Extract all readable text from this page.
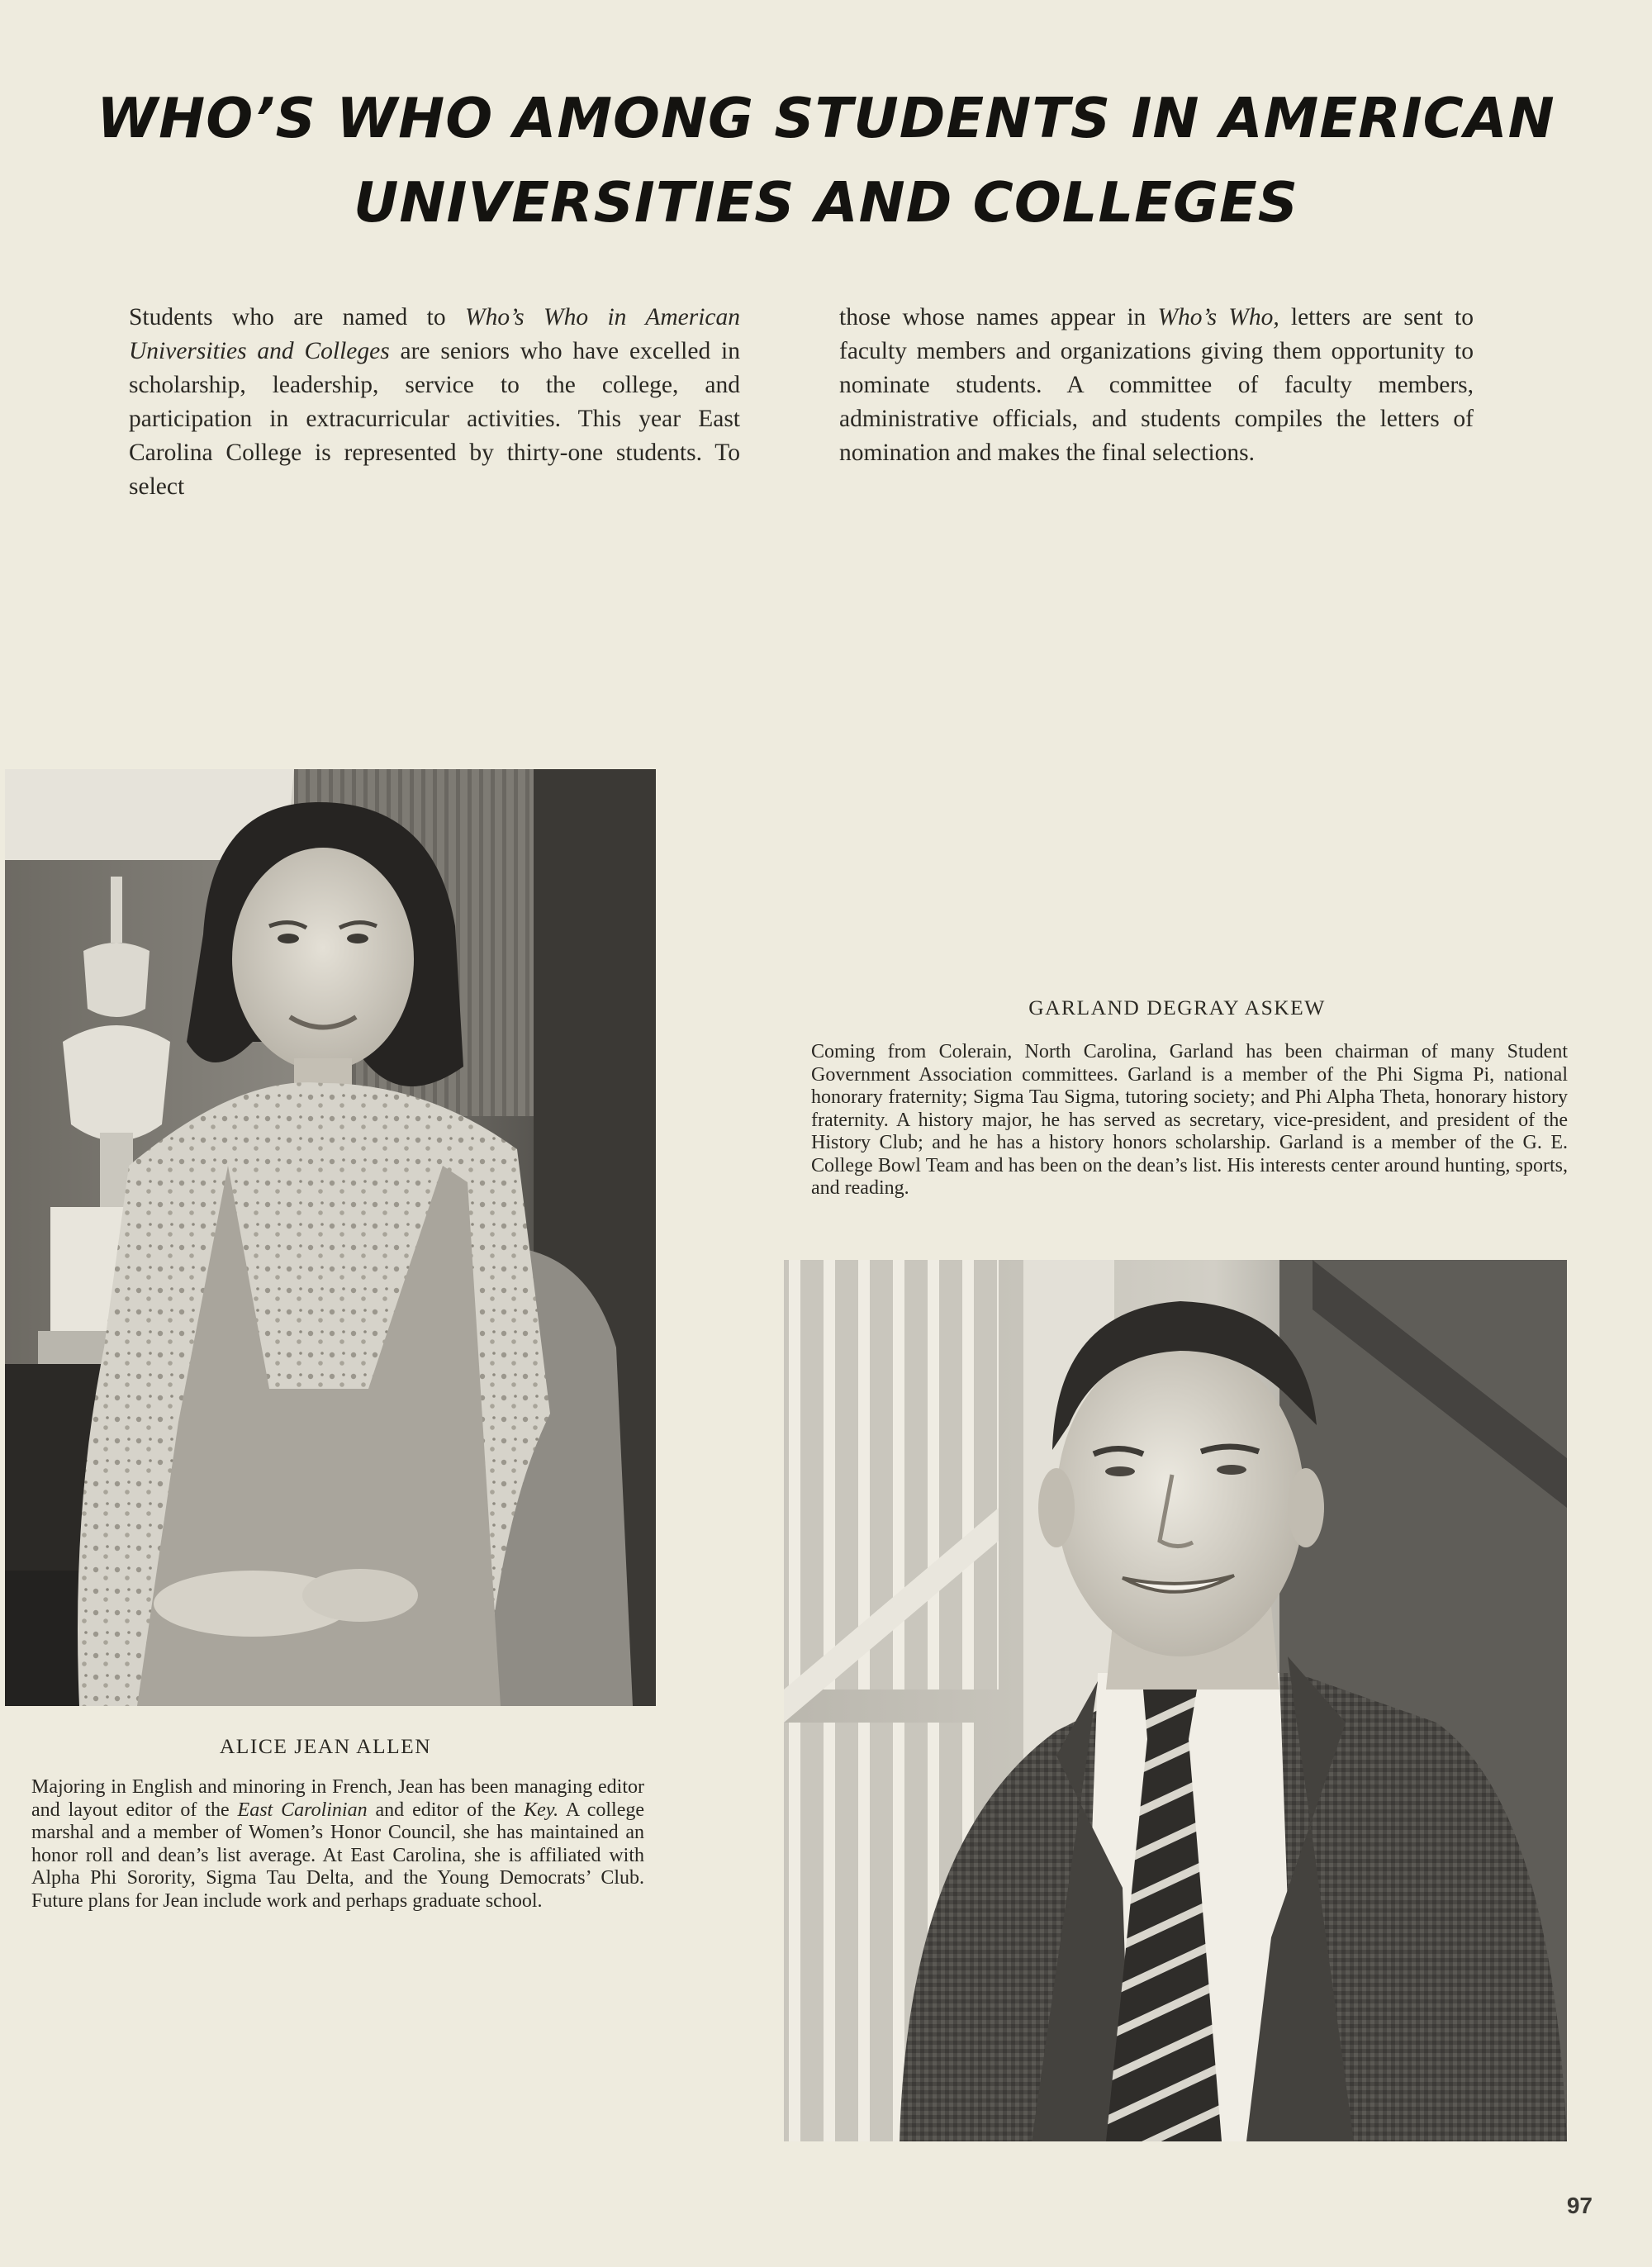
WHO’S WHO AMONG STUDENTS IN AMERICAN
UNIVERSITIES AND COLLEGES
Students who are named to Who’s Who in American Universities and Colleges are seniors who have excelled in scholarship, leadership, service to the college, and participation in extracurricular activities. This year East Carolina College is represented by thirty-one students. To select
those whose names appear in Who’s Who, letters are sent to faculty members and organizations giving them opportunity to nominate students. A committee of faculty members, administrative officials, and students compiles the letters of nomination and makes the final selections.
GARLAND DEGRAY ASKEW
Coming from Colerain, North Carolina, Garland has been chairman of many Student Government Association committees. Garland is a member of the Phi Sigma Pi, national honorary fraternity; Sigma Tau Sigma, tutoring society; and Phi Alpha Theta, honorary history fraternity. A history major, he has served as secretary, vice-president, and president of the History Club; and he has a history honors scholarship. Garland is a member of the G. E. College Bowl Team and has been on the dean’s list. His interests center around hunting, sports, and reading.
ALICE JEAN ALLEN
Majoring in English and minoring in French, Jean has been managing editor and layout editor of the East Carolinian and editor of the Key. A college marshal and a member of Women’s Honor Council, she has maintained an honor roll and dean’s list average. At East Carolina, she is affiliated with Alpha Phi Sorority, Sigma Tau Delta, and the Young Democrats’ Club. Future plans for Jean include work and perhaps graduate school.
97
